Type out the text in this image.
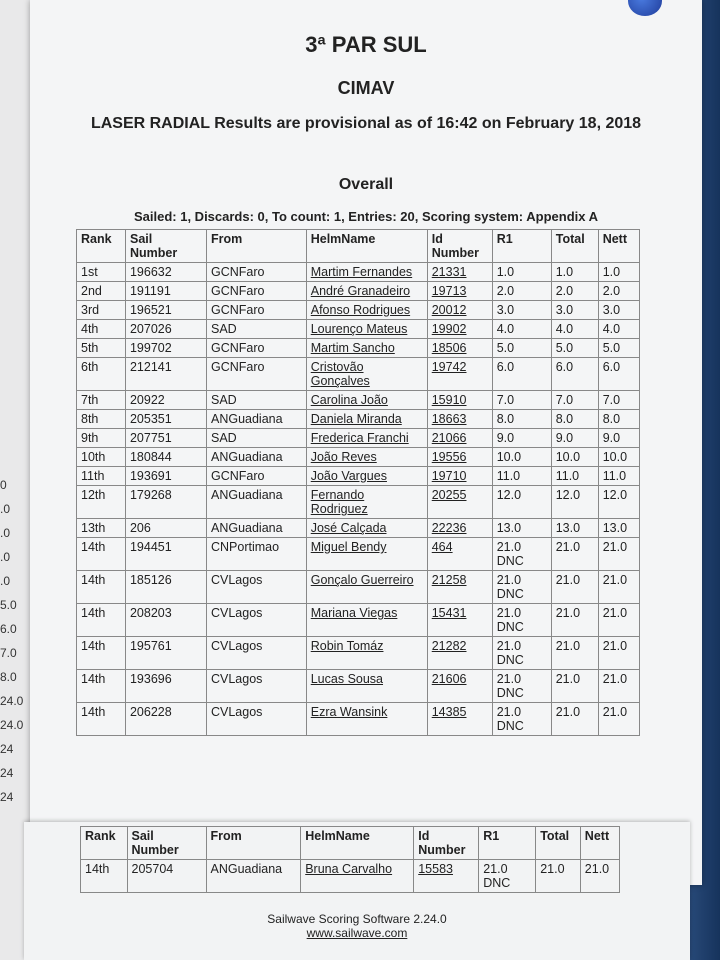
0
.0
.0
.0
.0
5.0
6.0
7.0
8.0
24.0
24.0
24
24
24
3ª PAR SUL
CIMAV
LASER RADIAL Results are provisional as of 16:42 on February 18, 2018
Overall
Sailed: 1, Discards: 0, To count: 1, Entries: 20, Scoring system: Appendix A
Rank	Sail Number	From	HelmName	Id Number	R1	Total	Nett
1st	196632	GCNFaro	Martim Fernandes	21331	1.0	1.0	1.0
2nd	191191	GCNFaro	André Granadeiro	19713	2.0	2.0	2.0
3rd	196521	GCNFaro	Afonso Rodrigues	20012	3.0	3.0	3.0
4th	207026	SAD	Lourenço Mateus	19902	4.0	4.0	4.0
5th	199702	GCNFaro	Martim Sancho	18506	5.0	5.0	5.0
6th	212141	GCNFaro	Cristovão Gonçalves	19742	6.0	6.0	6.0
7th	20922	SAD	Carolina João	15910	7.0	7.0	7.0
8th	205351	ANGuadiana	Daniela Miranda	18663	8.0	8.0	8.0
9th	207751	SAD	Frederica Franchi	21066	9.0	9.0	9.0
10th	180844	ANGuadiana	João Reves	19556	10.0	10.0	10.0
11th	193691	GCNFaro	João Vargues	19710	11.0	11.0	11.0
12th	179268	ANGuadiana	Fernando Rodriguez	20255	12.0	12.0	12.0
13th	206	ANGuadiana	José Calçada	22236	13.0	13.0	13.0
14th	194451	CNPortimao	Miguel Bendy	464	21.0 DNC	21.0	21.0
14th	185126	CVLagos	Gonçalo Guerreiro	21258	21.0 DNC	21.0	21.0
14th	208203	CVLagos	Mariana Viegas	15431	21.0 DNC	21.0	21.0
14th	195761	CVLagos	Robin Tomáz	21282	21.0 DNC	21.0	21.0
14th	193696	CVLagos	Lucas Sousa	21606	21.0 DNC	21.0	21.0
14th	206228	CVLagos	Ezra Wansink	14385	21.0 DNC	21.0	21.0
Rank	Sail Number	From	HelmName	Id Number	R1	Total	Nett
14th	205704	ANGuadiana	Bruna Carvalho	15583	21.0 DNC	21.0	21.0
Sailwave Scoring Software 2.24.0
www.sailwave.com
